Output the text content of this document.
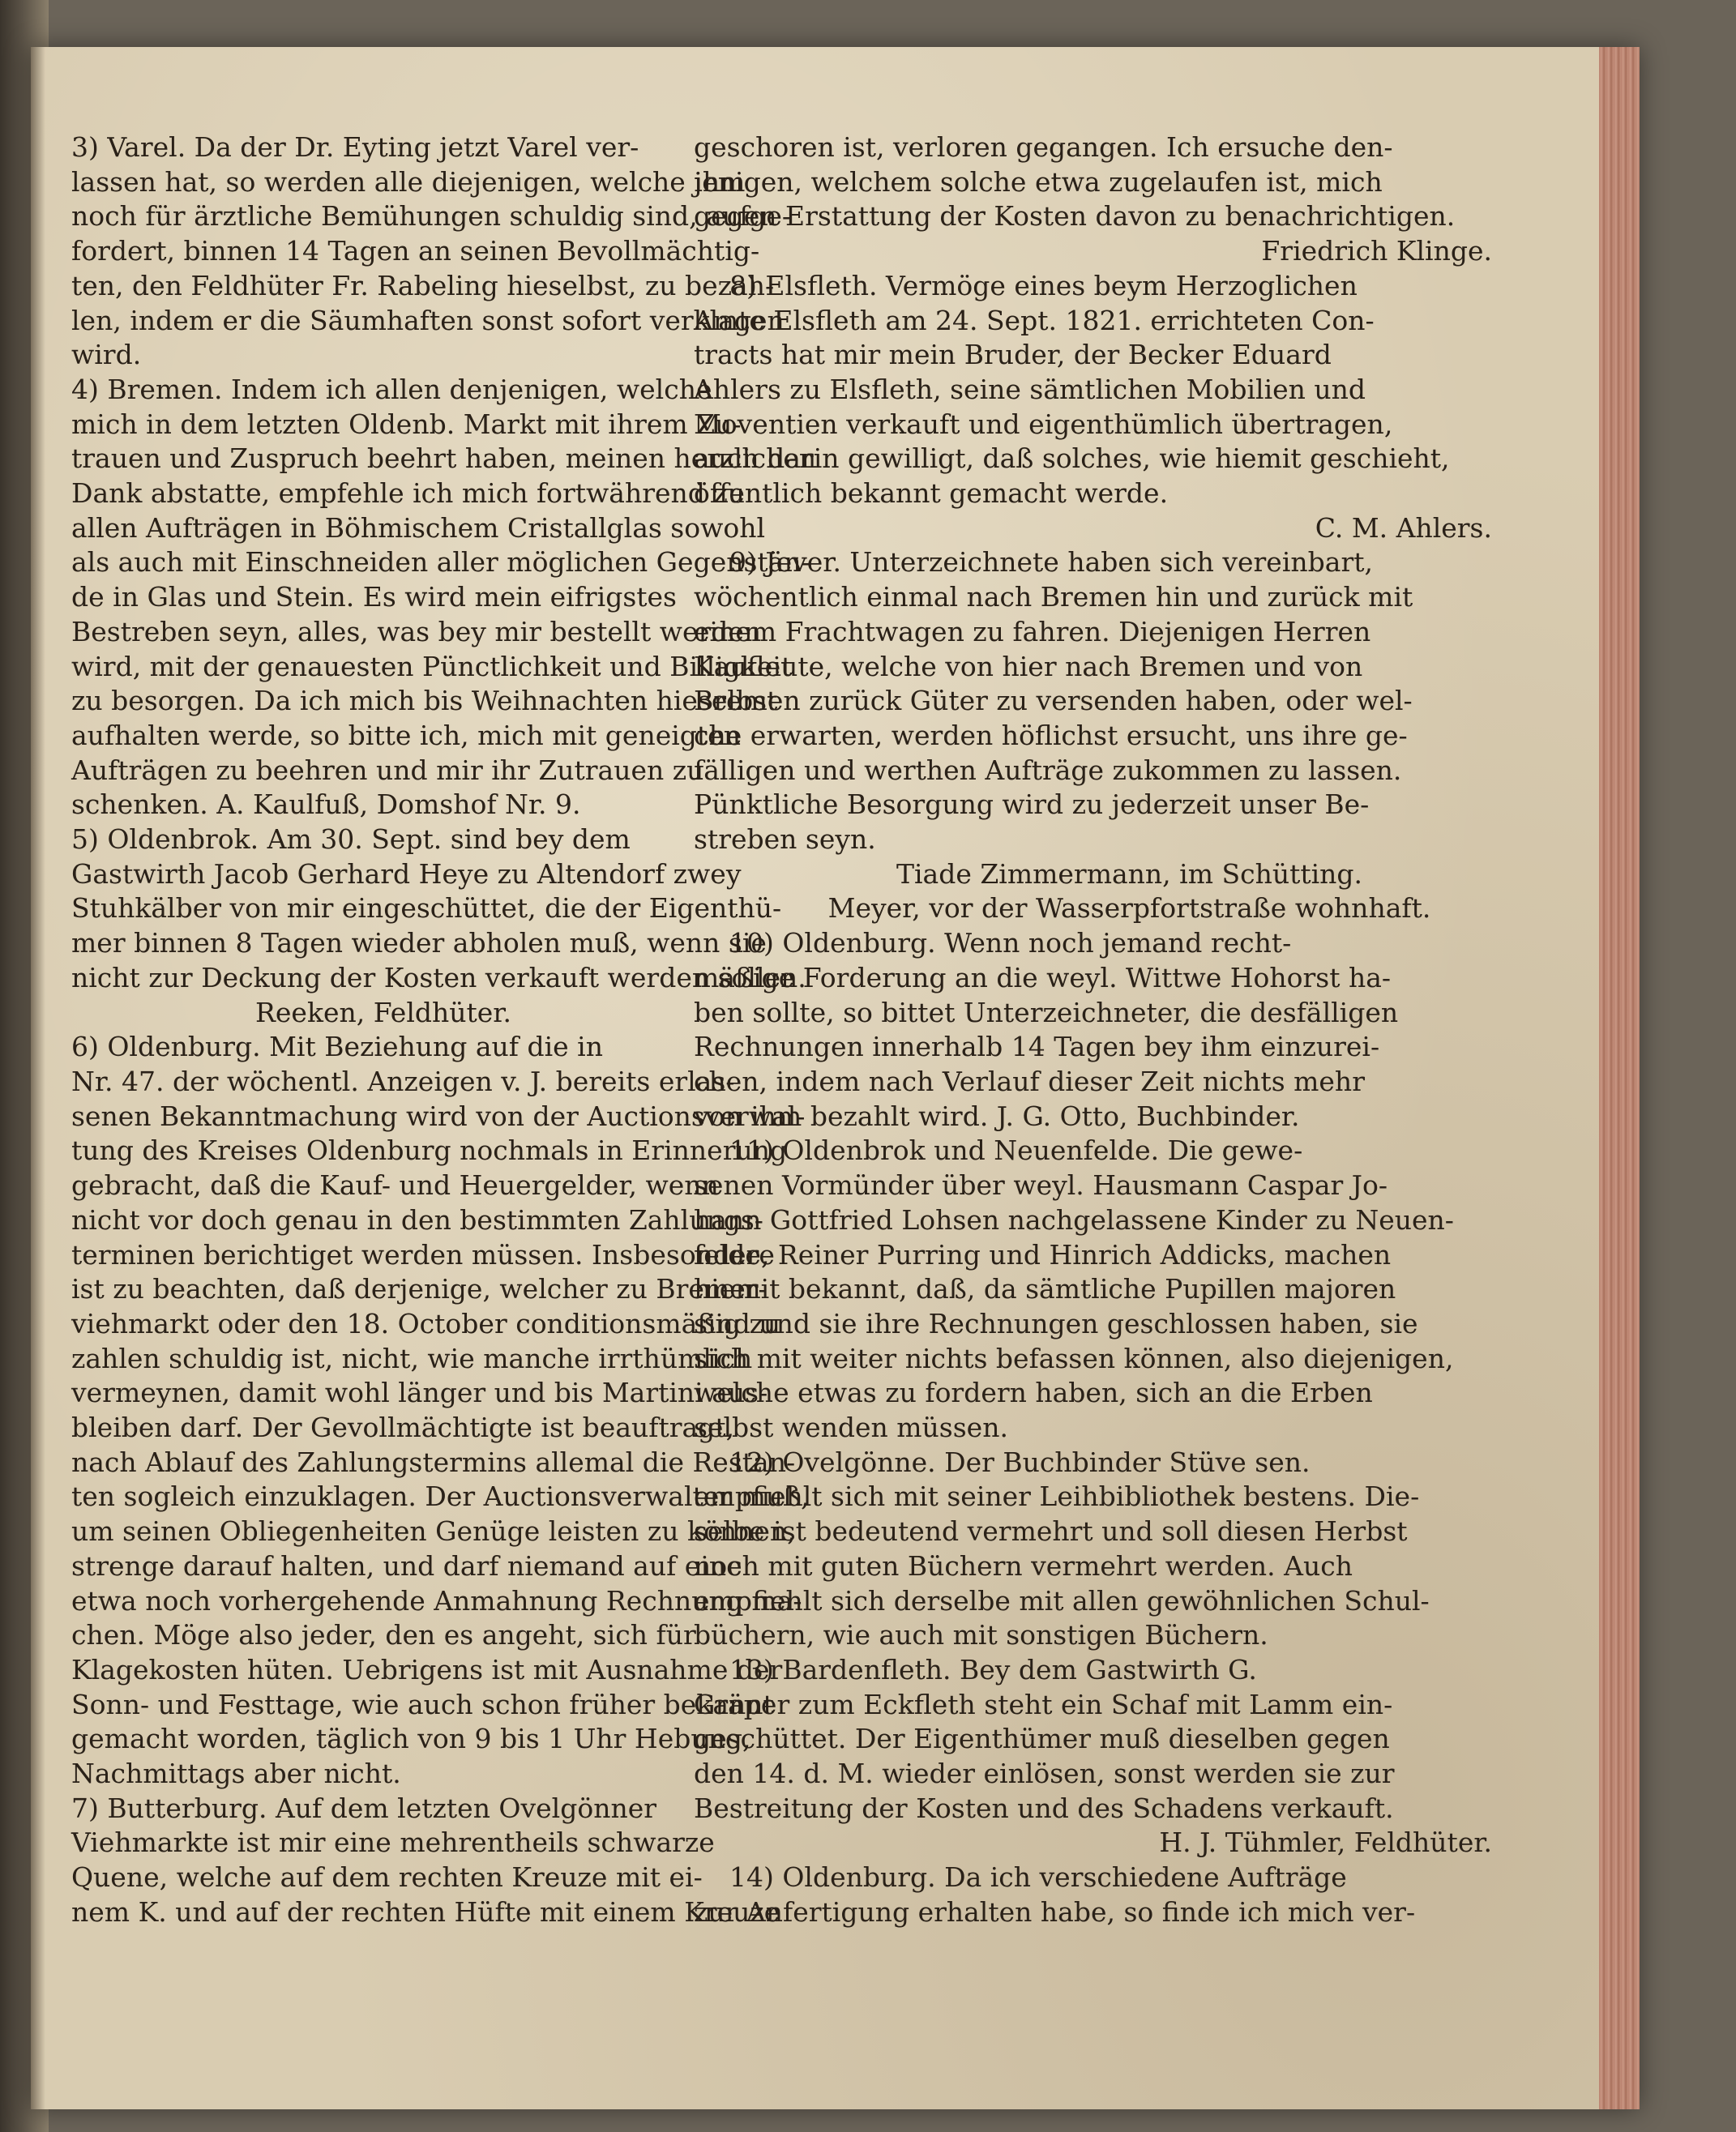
3) Varel. Da der Dr. Eyting jetzt Varel ver-
lassen hat, so werden alle diejenigen, welche ihm
noch für ärztliche Bemühungen schuldig sind, aufge-
fordert, binnen 14 Tagen an seinen Bevollmächtig-
ten, den Feldhüter Fr. Rabeling hieselbst, zu bezah-
len, indem er die Säumhaften sonst sofort verklagen
wird.
4) Bremen. Indem ich allen denjenigen, welche
mich in dem letzten Oldenb. Markt mit ihrem Zu-
trauen und Zuspruch beehrt haben, meinen herzlichen
Dank abstatte, empfehle ich mich fortwährend zu
allen Aufträgen in Böhmischem Cristallglas sowohl
als auch mit Einschneiden aller möglichen Gegenstän-
de in Glas und Stein. Es wird mein eifrigstes
Bestreben seyn, alles, was bey mir bestellt werden
wird, mit der genauesten Pünctlichkeit und Billigkeit
zu besorgen. Da ich mich bis Weihnachten hieselbst
aufhalten werde, so bitte ich, mich mit geneigten
Aufträgen zu beehren und mir ihr Zutrauen zu
schenken. A. Kaulfuß, Domshof Nr. 9.
5) Oldenbrok. Am 30. Sept. sind bey dem
Gastwirth Jacob Gerhard Heye zu Altendorf zwey
Stuhkälber von mir eingeschüttet, die der Eigenthü-
mer binnen 8 Tagen wieder abholen muß, wenn sie
nicht zur Deckung der Kosten verkauft werden sollen.
Reeken, Feldhüter.
6) Oldenburg. Mit Beziehung auf die in
Nr. 47. der wöchentl. Anzeigen v. J. bereits erlas-
senen Bekanntmachung wird von der Auctionsverwal-
tung des Kreises Oldenburg nochmals in Erinnerung
gebracht, daß die Kauf- und Heuergelder, wenn
nicht vor doch genau in den bestimmten Zahlungs-
terminen berichtiget werden müssen. Insbesondere
ist zu beachten, daß derjenige, welcher zu Bremer-
viehmarkt oder den 18. October conditionsmäßig zu
zahlen schuldig ist, nicht, wie manche irrthümlich
vermeynen, damit wohl länger und bis Martini aus-
bleiben darf. Der Gevollmächtigte ist beauftragt,
nach Ablauf des Zahlungstermins allemal die Restan-
ten sogleich einzuklagen. Der Auctionsverwalter muß,
um seinen Obliegenheiten Genüge leisten zu können,
strenge darauf halten, und darf niemand auf eine
etwa noch vorhergehende Anmahnung Rechnung ma-
chen. Möge also jeder, den es angeht, sich für
Klagekosten hüten. Uebrigens ist mit Ausnahme der
Sonn- und Festtage, wie auch schon früher bekannt
gemacht worden, täglich von 9 bis 1 Uhr Hebung,
Nachmittags aber nicht.
7) Butterburg. Auf dem letzten Ovelgönner
Viehmarkte ist mir eine mehrentheils schwarze
Quene, welche auf dem rechten Kreuze mit ei-
nem K. und auf der rechten Hüfte mit einem Kreuze
geschoren ist, verloren gegangen. Ich ersuche den-
jenigen, welchem solche etwa zugelaufen ist, mich
gegen Erstattung der Kosten davon zu benachrichtigen.
Friedrich Klinge.
8) Elsfleth. Vermöge eines beym Herzoglichen
Amte Elsfleth am 24. Sept. 1821. errichteten Con-
tracts hat mir mein Bruder, der Becker Eduard
Ahlers zu Elsfleth, seine sämtlichen Mobilien und
Moventien verkauft und eigenthümlich übertragen,
auch darin gewilligt, daß solches, wie hiemit geschieht,
öffentlich bekannt gemacht werde.
C. M. Ahlers.
9) Jever. Unterzeichnete haben sich vereinbart,
wöchentlich einmal nach Bremen hin und zurück mit
einem Frachtwagen zu fahren. Diejenigen Herren
Kaufleute, welche von hier nach Bremen und von
Bremen zurück Güter zu versenden haben, oder wel-
che erwarten, werden höflichst ersucht, uns ihre ge-
fälligen und werthen Aufträge zukommen zu lassen.
Pünktliche Besorgung wird zu jederzeit unser Be-
streben seyn.
Tiade Zimmermann, im Schütting.
Meyer, vor der Wasserpfortstraße wohnhaft.
10) Oldenburg. Wenn noch jemand recht-
mäßige Forderung an die weyl. Wittwe Hohorst ha-
ben sollte, so bittet Unterzeichneter, die desfälligen
Rechnungen innerhalb 14 Tagen bey ihm einzurei-
chen, indem nach Verlauf dieser Zeit nichts mehr
von ihm bezahlt wird. J. G. Otto, Buchbinder.
11) Oldenbrok und Neuenfelde. Die gewe-
senen Vormünder über weyl. Hausmann Caspar Jo-
hann Gottfried Lohsen nachgelassene Kinder zu Neuen-
felde, Reiner Purring und Hinrich Addicks, machen
hiemit bekannt, daß, da sämtliche Pupillen majoren
sind und sie ihre Rechnungen geschlossen haben, sie
sich mit weiter nichts befassen können, also diejenigen,
welche etwas zu fordern haben, sich an die Erben
selbst wenden müssen.
12) Ovelgönne. Der Buchbinder Stüve sen.
empfiehlt sich mit seiner Leihbibliothek bestens. Die-
selbe ist bedeutend vermehrt und soll diesen Herbst
noch mit guten Büchern vermehrt werden. Auch
empfiehlt sich derselbe mit allen gewöhnlichen Schul-
büchern, wie auch mit sonstigen Büchern.
13) Bardenfleth. Bey dem Gastwirth G.
Gräper zum Eckfleth steht ein Schaf mit Lamm ein-
geschüttet. Der Eigenthümer muß dieselben gegen
den 14. d. M. wieder einlösen, sonst werden sie zur
Bestreitung der Kosten und des Schadens verkauft.
H. J. Tühmler, Feldhüter.
14) Oldenburg. Da ich verschiedene Aufträge
zur Anfertigung erhalten habe, so finde ich mich ver-
